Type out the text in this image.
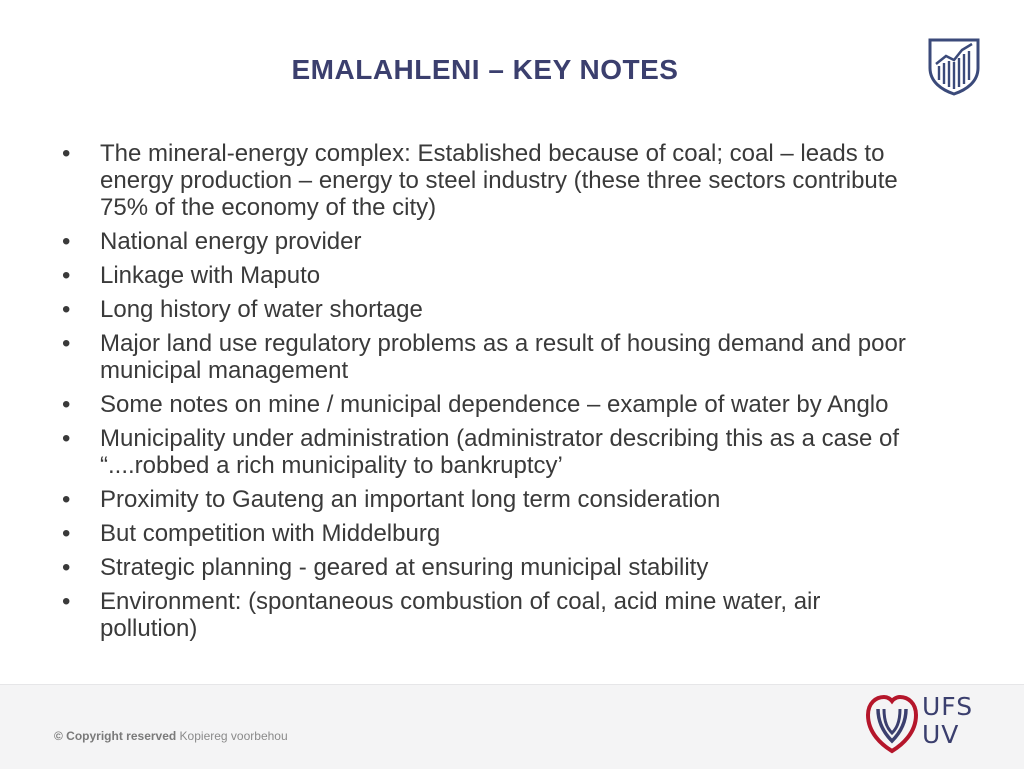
EMALAHLENI – KEY NOTES
• The mineral-energy complex: Established because of coal; coal – leads to energy production – energy to steel industry (these three sectors contribute 75% of the economy of the city)
• National energy provider
• Linkage with Maputo
• Long history of water shortage
• Major land use regulatory problems as a result of housing demand and poor municipal management
• Some notes on mine / municipal dependence – example of water by Anglo
• Municipality under administration (administrator describing this as a case of “....robbed a rich municipality to bankruptcy’
• Proximity to Gauteng an important long term consideration
• But competition with Middelburg
• Strategic planning - geared at ensuring municipal stability
• Environment: (spontaneous combustion of coal, acid mine water, air pollution)
© Copyright reserved Kopiereg voorbehou
UFS
UV
